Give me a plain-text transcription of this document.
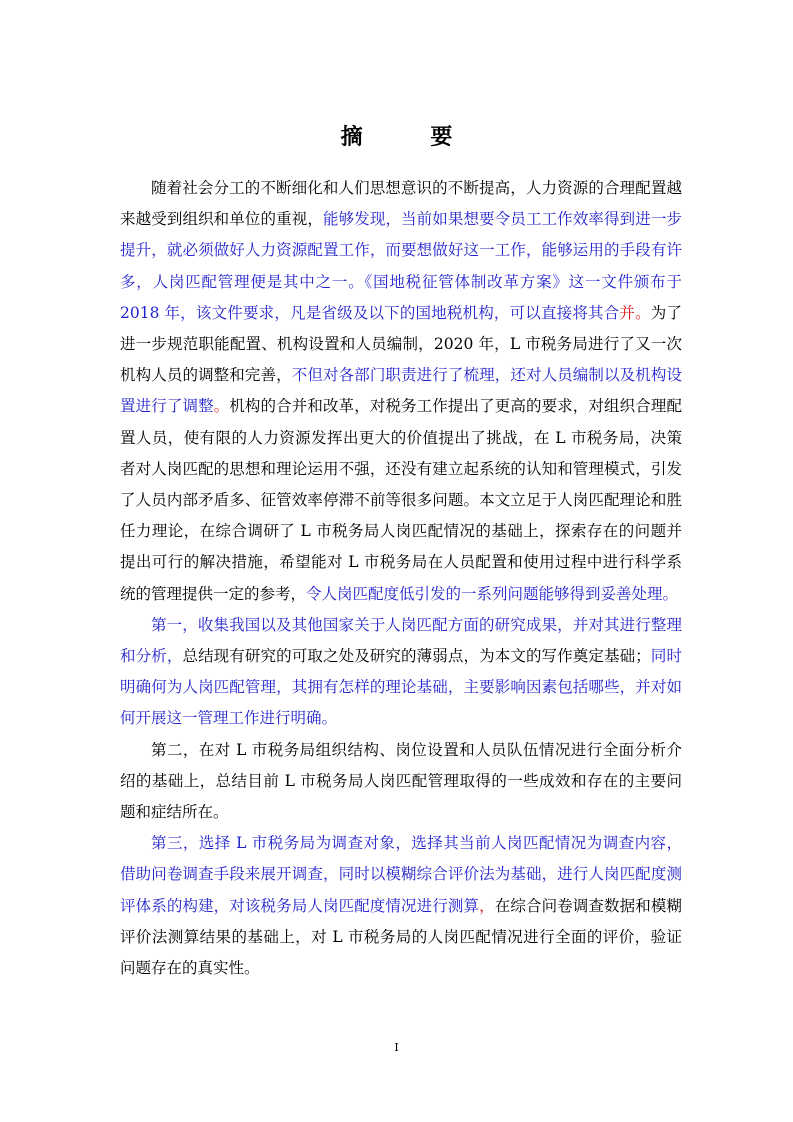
摘 要

随着社会分工的不断细化和人们思想意识的不断提高，人力资源的合理配置越来越受到组织和单位的重视，能够发现，当前如果想要令员工工作效率得到进一步提升，就必须做好人力资源配置工作，而要想做好这一工作，能够运用的手段有许多，人岗匹配管理便是其中之一。《国地税征管体制改革方案》这一文件颁布于 2018 年，该文件要求，凡是省级及以下的国地税机构，可以直接将其合并。为了进一步规范职能配置、机构设置和人员编制，2020 年，L 市税务局进行了又一次机构人员的调整和完善，不但对各部门职责进行了梳理，还对人员编制以及机构设置进行了调整。机构的合并和改革，对税务工作提出了更高的要求，对组织合理配置人员，使有限的人力资源发挥出更大的价值提出了挑战，在 L 市税务局，决策者对人岗匹配的思想和理论运用不强，还没有建立起系统的认知和管理模式，引发了人员内部矛盾多、征管效率停滞不前等很多问题。本文立足于人岗匹配理论和胜任力理论，在综合调研了 L 市税务局人岗匹配情况的基础上，探索存在的问题并提出可行的解决措施，希望能对 L 市税务局在人员配置和使用过程中进行科学系统的管理提供一定的参考，令人岗匹配度低引发的一系列问题能够得到妥善处理。

第一，收集我国以及其他国家关于人岗匹配方面的研究成果，并对其进行整理和分析，总结现有研究的可取之处及研究的薄弱点，为本文的写作奠定基础；同时明确何为人岗匹配管理，其拥有怎样的理论基础，主要影响因素包括哪些，并对如何开展这一管理工作进行明确。

第二，在对 L 市税务局组织结构、岗位设置和人员队伍情况进行全面分析介绍的基础上，总结目前 L 市税务局人岗匹配管理取得的一些成效和存在的主要问题和症结所在。

第三，选择 L 市税务局为调查对象，选择其当前人岗匹配情况为调查内容，借助问卷调查手段来展开调查，同时以模糊综合评价法为基础，进行人岗匹配度测评体系的构建，对该税务局人岗匹配度情况进行测算，在综合问卷调查数据和模糊评价法测算结果的基础上，对 L 市税务局的人岗匹配情况进行全面的评价，验证问题存在的真实性。

I
